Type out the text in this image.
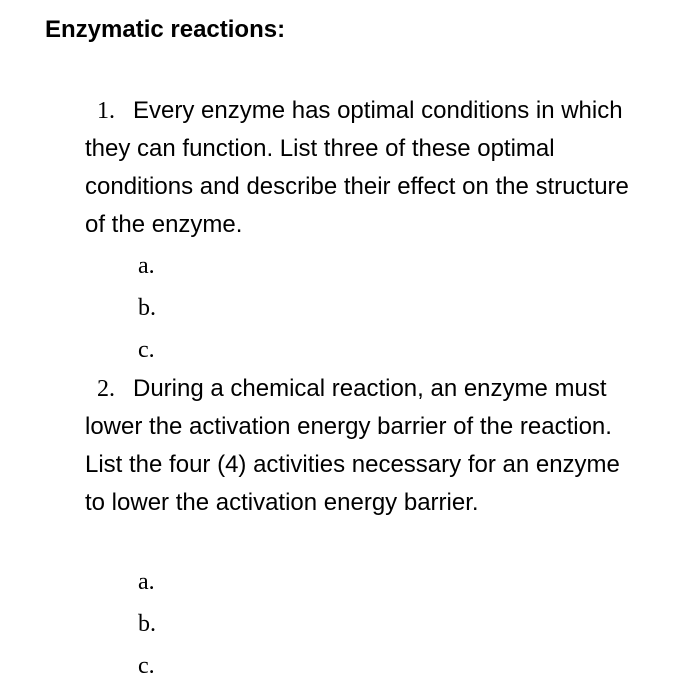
Enzymatic reactions:
1. Every enzyme has optimal conditions in which they can function. List three of these optimal conditions and describe their effect on the structure of the enzyme.
a.
b.
c.
2. During a chemical reaction, an enzyme must lower the activation energy barrier of the reaction. List the four (4) activities necessary for an enzyme to lower the activation energy barrier.
a.
b.
c.
